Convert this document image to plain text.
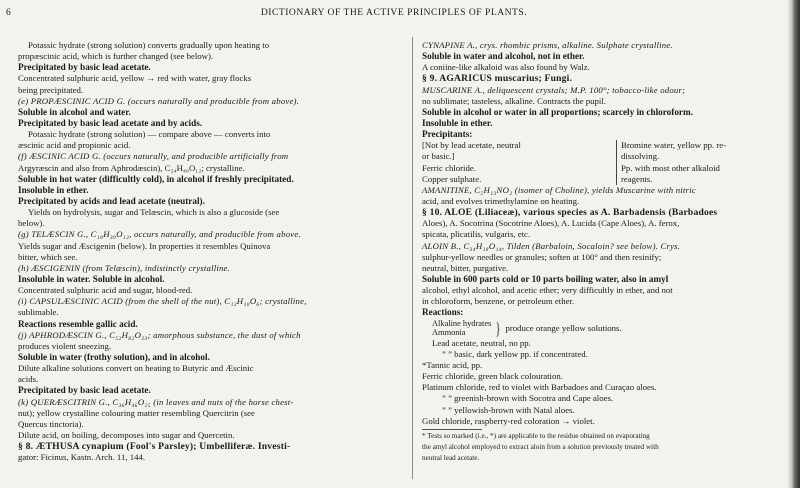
6	DICTIONARY OF THE ACTIVE PRINCIPLES OF PLANTS.
Potassic hydrate (strong solution) converts gradually upon heating to
propæscinic acid, which is further changed (see below).
Precipitated by basic lead acetate.
Concentrated sulphuric acid, yellow → red with water, gray flocks
being precipitated.
(e) PROPÆSCINIC ACID G. (occurs naturally and producible from above).
Soluble in alcohol and water.
Precipitated by basic lead acetate and by acids.
Potassic hydrate (strong solution) — compare above — converts into
æscinic acid and propionic acid.
(f) ÆSCINIC ACID G. (occurs naturally, and producible artificially from
Argyræscin and also from Aphrodæscin), C₂₄H₄₀O₁₂; crystalline.
Soluble in hot water (difficultly cold), in alcohol if freshly precipitated.
Insoluble in ether.
Precipitated by acids and lead acetate (neutral).
Yields on hydrolysis, sugar and Telæscin, which is also a glucoside (see
below).
(g) TELÆSCIN G., C₁₈H₃₀O₁₂, occurs naturally, and producible from above.
Yields sugar and Æscigenin (below). In properties it resembles Quinova
bitter, which see.
(h) ÆSCIGENIN (from Telæscin), indistinctly crystalline.
Insoluble in water. Soluble in alcohol.
Concentrated sulphuric acid and sugar, blood-red.
(i) CAPSULÆSCINIC ACID (from the shell of the nut), C₁₂H₁₀O₆; crystalline,
sublimable.
Reactions resemble gallic acid.
(j) APHRODÆSCIN G., C₅₂H₈₂O₂₃; amorphous substance, the dust of which
produces violent sneezing.
Soluble in water (frothy solution), and in alcohol.
Dilute alkaline solutions convert on heating to Butyric and Æscinic
acids.
Precipitated by basic lead acetate.
(k) QUERÆSCITRIN G., C₃₆H₄₆O₂₅ (in leaves and nuts of the horse chest-
nut); yellow crystalline colouring matter resembling Quercitrin (see
Quercus tinctoria).
Dilute acid, on boiling, decomposes into sugar and Quercetin.
§ 8. ÆTHUSA cynapium (Fool's Parsley); Umbelliferæ. Investi-
gator: Ficinus, Kastn. Arch. 11, 144.
CYNAPINE A., crys. rhombic prisms, alkaline. Sulphate crystalline.
Soluble in water and alcohol, not in ether.
A coniine-like alkaloid was also found by Walz.
§ 9. AGARICUS muscarius; Fungi.
MUSCARINE A., deliquescent crystals; M.P. 100°; tobacco-like odour;
no sublimate; tasteless, alkaline. Contracts the pupil.
Soluble in alcohol or water in all proportions; scarcely in chloroform.
Insoluble in ether.
Precipitants:
[Not by lead acetate, neutral
or basic.]
Ferric chloride.
Copper sulphate.
Bromine water, yellow pp. re-
dissolving.
Pp. with most other alkaloid
reagents.
AMANITINE, C₅H₁₃NO₂ (isomer of Choline), yields Muscarine with nitric
acid, and evolves trimethylamine on heating.
§ 10. ALOE (Liliaceæ), various species as A. Barbadensis (Barbadoes
Aloes), A. Socotrina (Socotrine Aloes), A. Lucida (Cape Aloes), A. ferox,
spicata, plicatilis, vulgaris, etc.
ALOIN B., C₃₄H₁₈O₁₄, Tilden (Barbaloin, Socaloin? see below). Crys.
sulphur-yellow needles or granules; soften at 100° and then resinify;
neutral, bitter, purgative.
Soluble in 600 parts cold or 10 parts boiling water, also in amyl
alcohol, ethyl alcohol, and acetic ether; very difficultly in ether, and not
in chloroform, benzene, or petroleum ether.
Reactions:
Alkaline hydrates
Ammonia	} produce orange yellow solutions.
Lead acetate, neutral, no pp.
” ” basic, dark yellow pp. if concentrated.
*Tannic acid, pp.
Ferric chloride, green black colouration.
Platinum chloride, red to violet with Barbadoes and Curaçao aloes.
” ” greenish-brown with Socotra and Cape aloes.
” ” yellowish-brown with Natal aloes.
Gold chloride, raspberry-red coloration → violet.
* Tests so marked (i.e., *) are applicable to the residue obtained on evaporating
the amyl alcohol employed to extract aloin from a solution previously treated with
neutral lead acetate.
